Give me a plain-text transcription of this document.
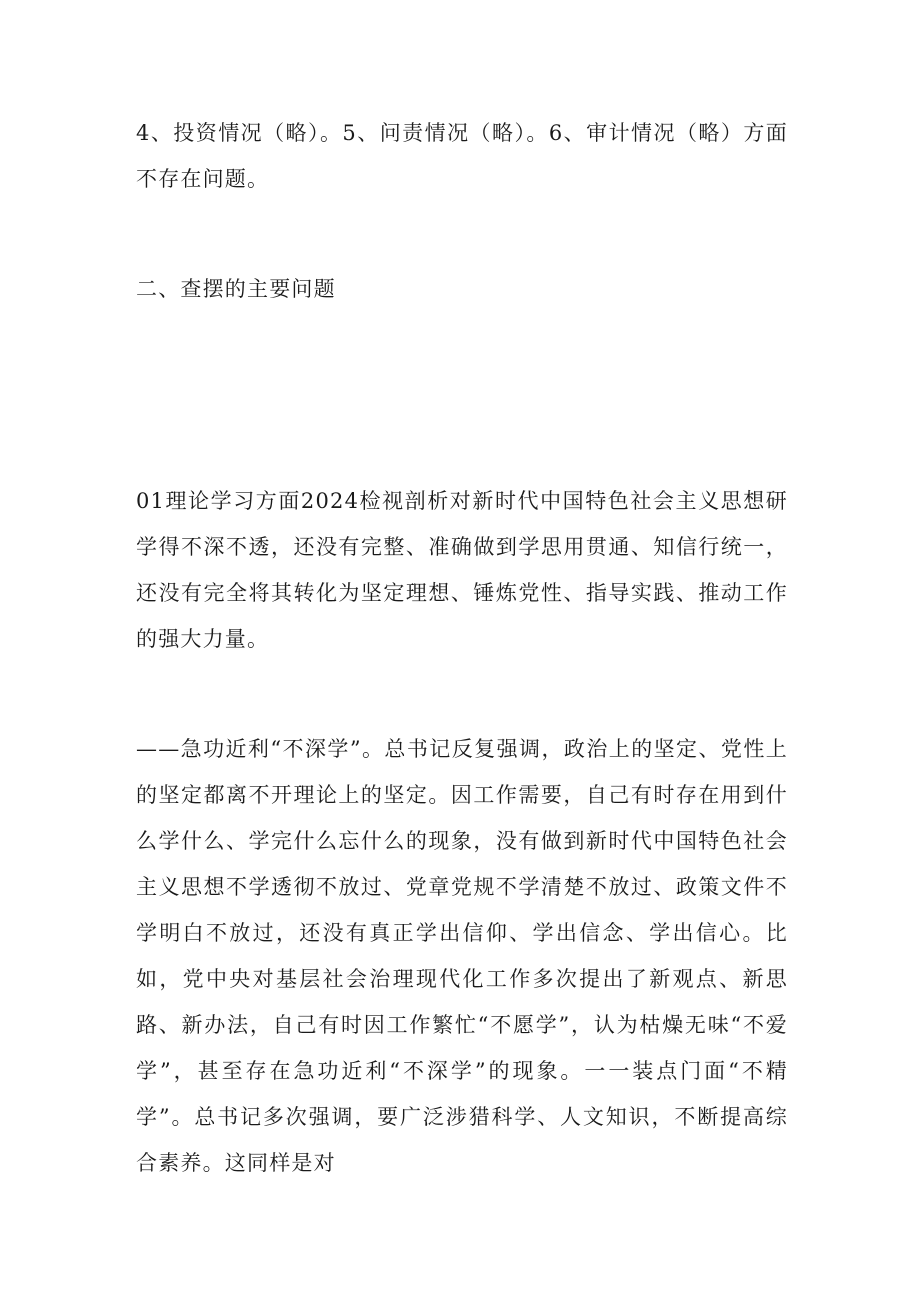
4、投资情况（略）。5、问责情况（略）。6、审计情况（略）方面不存在问题。

二、查摆的主要问题

01理论学习方面2024检视剖析对新时代中国特色社会主义思想研学得不深不透，还没有完整、准确做到学思用贯通、知信行统一，还没有完全将其转化为坚定理想、锤炼党性、指导实践、推动工作的强大力量。

——急功近利“不深学”。总书记反复强调，政治上的坚定、党性上的坚定都离不开理论上的坚定。因工作需要，自己有时存在用到什么学什么、学完什么忘什么的现象，没有做到新时代中国特色社会主义思想不学透彻不放过、党章党规不学清楚不放过、政策文件不学明白不放过，还没有真正学出信仰、学出信念、学出信心。比如，党中央对基层社会治理现代化工作多次提出了新观点、新思路、新办法，自己有时因工作繁忙“不愿学”，认为枯燥无味“不爱学”，甚至存在急功近利“不深学”的现象。一一装点门面“不精学”。总书记多次强调，要广泛涉猎科学、人文知识，不断提高综合素养。这同样是对
